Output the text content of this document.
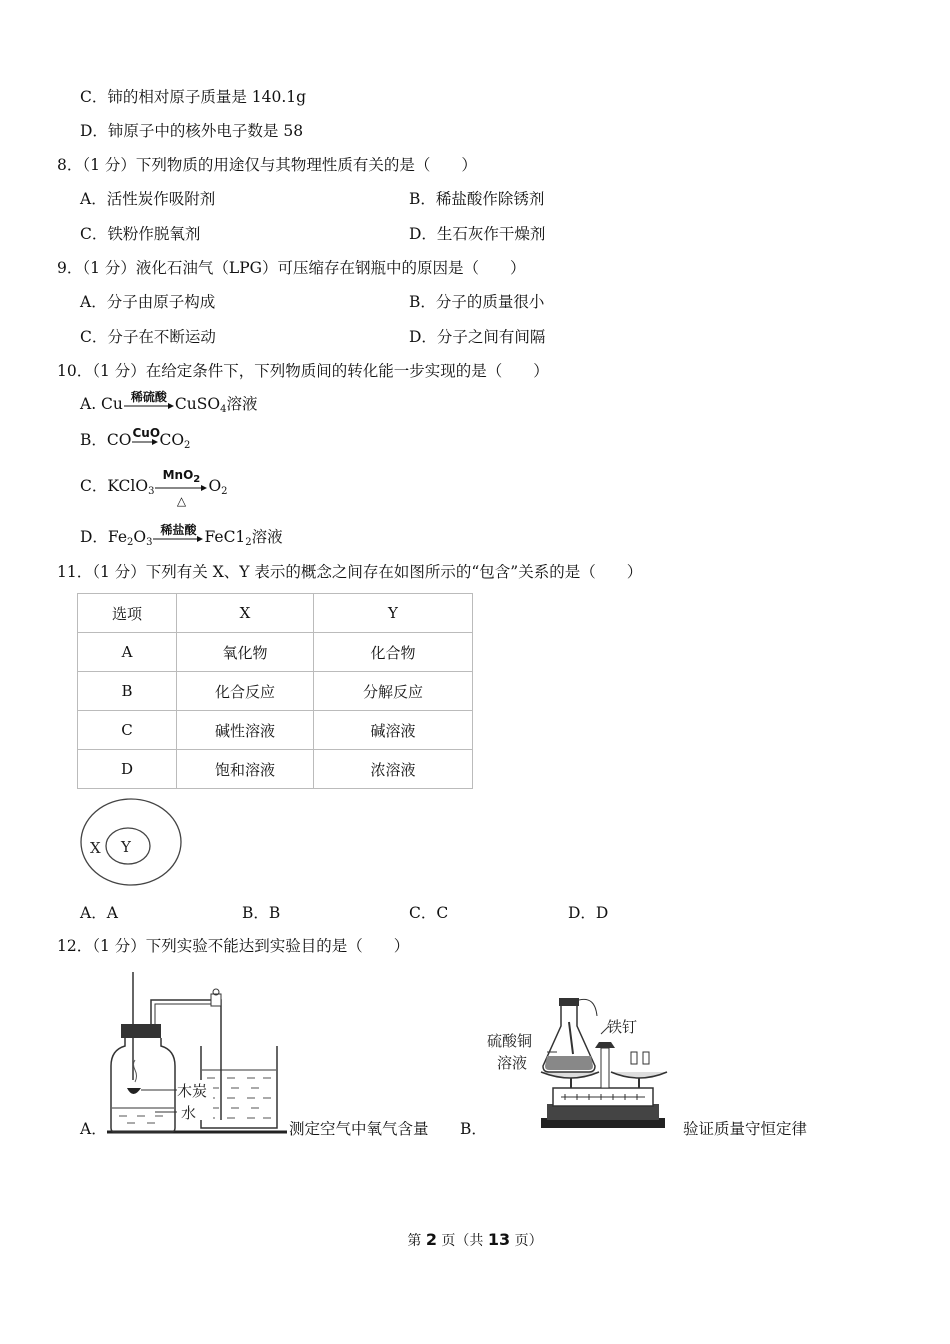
C．铈的相对原子质量是 140.1g
D．铈原子中的核外电子数是 58
8．（1 分）下列物质的用途仅与其物理性质有关的是（　　）
A．活性炭作吸附剂	B．稀盐酸作除锈剂
C．铁粉作脱氧剂	D．生石灰作干燥剂
9．（1 分）液化石油气（LPG）可压缩存在钢瓶中的原因是（　　）
A．分子由原子构成	B．分子的质量很小
C．分子在不断运动	D．分子之间有间隔
10．（1 分）在给定条件下，下列物质间的转化能一步实现的是（　　）
A. Cu 稀硫酸 CuSO$_4$溶液
B．CO CuO $CO_2$
C．KClO$_3$
MnO$_2$
△
$O_2$
D．$Fe_2O_3$
稀盐酸 $FeC1_2$溶液
11．（1 分）下列有关 X、Y 表示的概念之间存在如图所示的“包含”关系的是（　　）
选项	X	Y
A	氧化物	化合物
B	化合反应	分解反应
C	碱性溶液	碱溶液
D	饱和溶液	浓溶液
X Y
A．A	B．B	C．C	D．D
12．（1 分）下列实验不能达到实验目的是（　　）
A．
木炭
水
测定空气中氧气含量 B．
硫酸铜
溶液
铁钉
验证质量守恒定律
第 2 页（共 13 页）
